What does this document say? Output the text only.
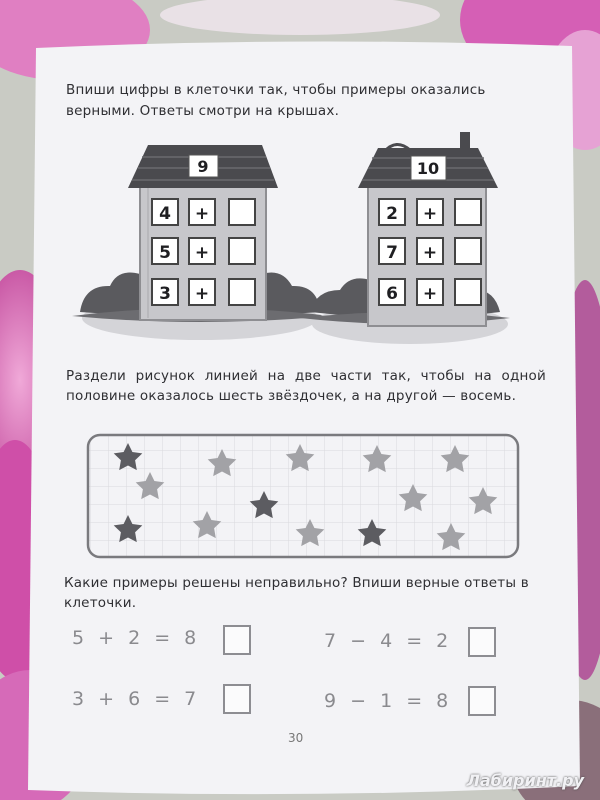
9	10
4 +
5 +
3 +
2 +
7 +
6 +
Впиши цифры в клеточки так, чтобы примеры оказались верными. Ответы смотри на крышах.
Раздели рисунок линией на две части так, чтобы на одной половине оказалось шесть звёздочек, а на другой — восемь.
Какие примеры решены неправильно? Впиши верные ответы в клеточки.
5 + 2 = 8	7 − 4 = 2
3 + 6 = 7	9 − 1 = 8
30
Лабиринт.ру
